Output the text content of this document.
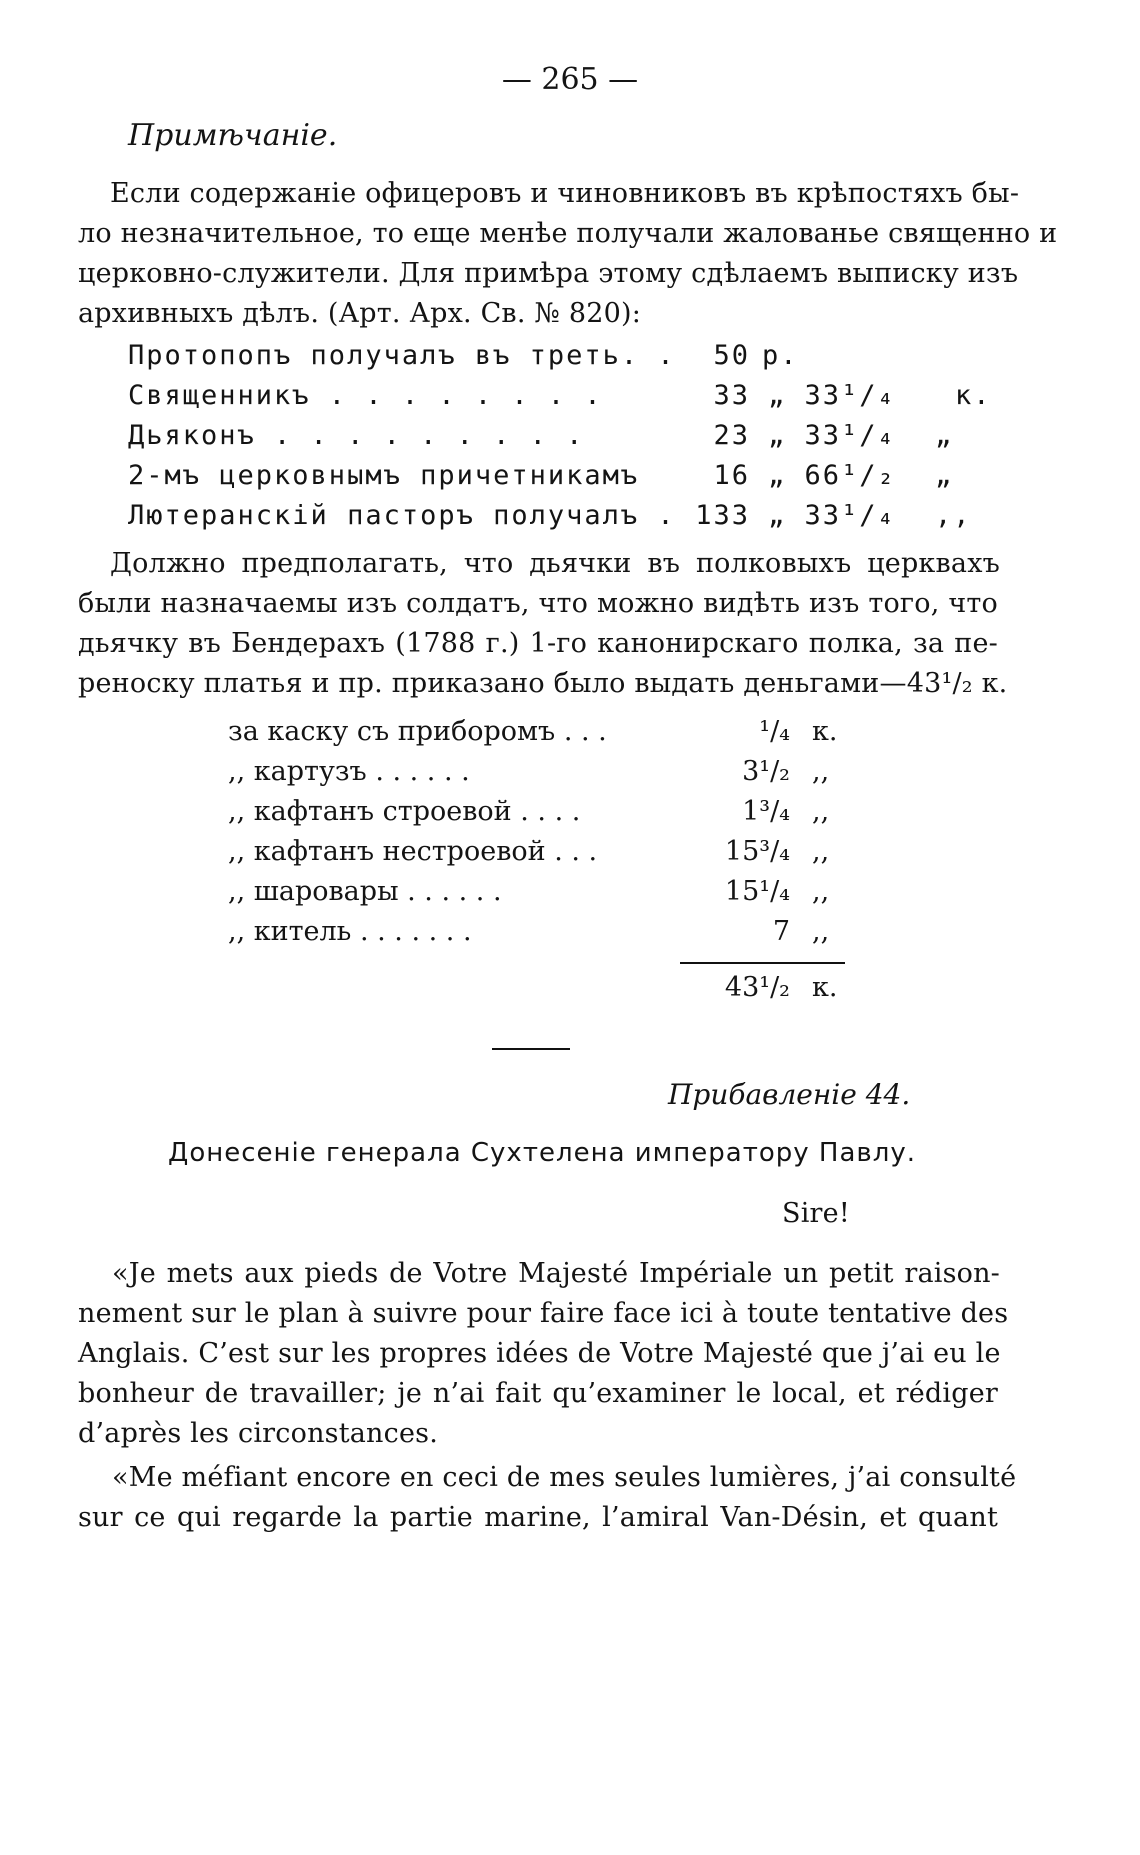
— 265 —
Примѣчаніе.
Если содержаніе офицеровъ и чиновниковъ въ крѣпостяхъ бы-
ло незначительное, то еще менѣе получали жалованье священно и
церковно-служители. Для примѣра этому сдѣлаемъ выписку изъ
архивныхъ дѣлъ. (Арт. Арх. Св. № 820):
Протопопъ получалъ въ треть. .	50 р.
Священникъ . . . . . . . .	33 „ 33¹/₄ к.
Дьяконъ . . . . . . . . .	23 „ 33¹/₄ „
2-мъ церковнымъ причетникамъ	16 „ 66¹/₂ „
Лютеранскій пасторъ получалъ . 133 „ 33¹/₄ ,,
Должно предполагать, что дьячки въ полковыхъ церквахъ
были назначаемы изъ солдатъ, что можно видѣть изъ того, что
дьячку въ Бендерахъ (1788 г.) 1-го канонирскаго полка, за пе-
реноску платья и пр. приказано было выдать деньгами—43¹/₂ к.
за каску съ приборомъ . . .	¹/₄ к.
,, картузъ . . . . . .	3¹/₂ ,,
,, кафтанъ строевой . . . .	1³/₄ ,,
,, кафтанъ нестроевой . . .	15³/₄ ,,
,, шаровары . . . . . .	15¹/₄ ,,
,, китель . . . . . . .	7 ,,
43¹/₂ к.
Прибавленіе 44.
Донесеніе генерала Сухтелена императору Павлу.
Sire!
«Je mets aux pieds de Votre Majesté Impériale un petit raison-
nement sur le plan à suivre pour faire face ici à toute tentative des
Anglais. C’est sur les propres idées de Votre Majesté que j’ai eu le
bonheur de travailler; je n’ai fait qu’examiner le local, et rédiger
d’après les circonstances.
«Me méfiant encore en ceci de mes seules lumières, j’ai consulté
sur ce qui regarde la partie marine, l’amiral Van-Désin, et quant
